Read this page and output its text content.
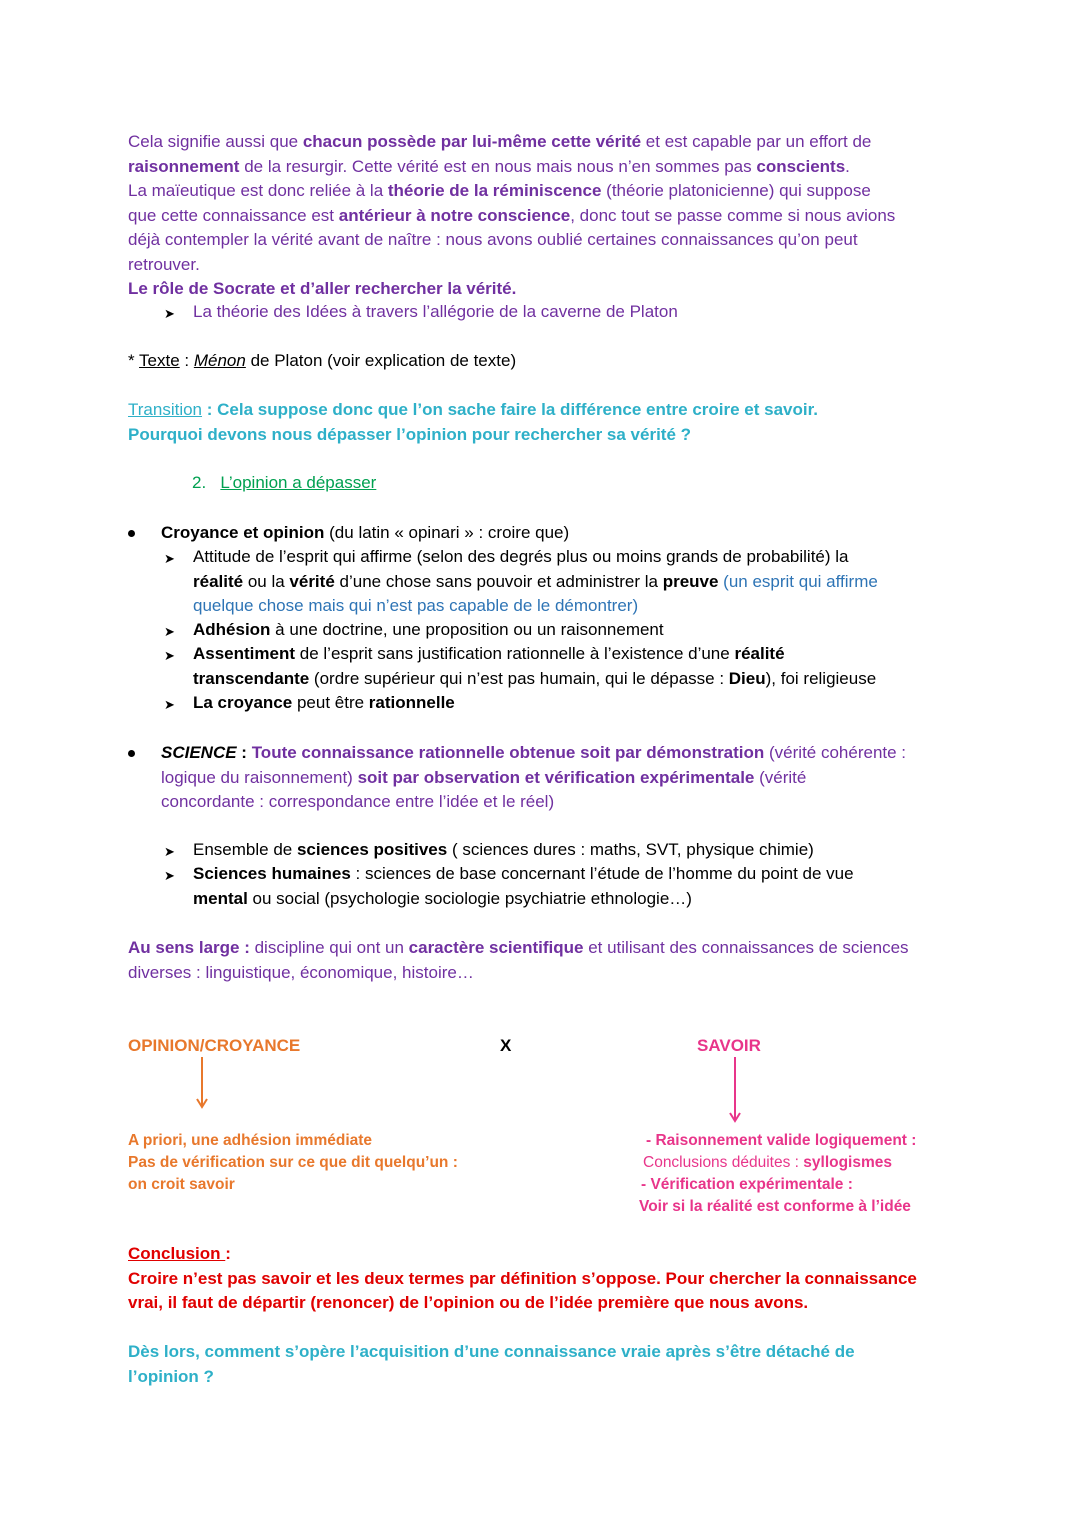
Cela signifie aussi que chacun possède par lui-même cette vérité et est capable par un effort de
raisonnement de la resurgir. Cette vérité est en nous mais nous n’en sommes pas conscients.
La maïeutique est donc reliée à la théorie de la réminiscence (théorie platonicienne) qui suppose
que cette connaissance est antérieur à notre conscience, donc tout se passe comme si nous avions
déjà contempler la vérité avant de naître : nous avons oublié certaines connaissances qu’on peut
retrouver.
Le rôle de Socrate et d’aller rechercher la vérité.

➤ La théorie des Idées à travers l’allégorie de la caverne de Platon

* Texte : Ménon de Platon (voir explication de texte)

Transition : Cela suppose donc que l’on sache faire la différence entre croire et savoir.
Pourquoi devons nous dépasser l’opinion pour rechercher sa vérité ?

2. L’opinion a dépasser

Croyance et opinion (du latin « opinari » : croire que)

➤ Attitude de l’esprit qui affirme (selon des degrés plus ou moins grands de probabilité) la
réalité ou la vérité d’une chose sans pouvoir et administrer la preuve (un esprit qui affirme
quelque chose mais qui n’est pas capable de le démontrer)

➤ Adhésion à une doctrine, une proposition ou un raisonnement

➤ Assentiment de l’esprit sans justification rationnelle à l’existence d’une réalité
transcendante (ordre supérieur qui n’est pas humain, qui le dépasse : Dieu), foi religieuse

➤ La croyance peut être rationnelle

SCIENCE : Toute connaissance rationnelle obtenue soit par démonstration (vérité cohérente :
logique du raisonnement) soit par observation et vérification expérimentale (vérité
concordante : correspondance entre l’idée et le réel)

➤ Ensemble de sciences positives ( sciences dures : maths, SVT, physique chimie)

➤ Sciences humaines : sciences de base concernant l’étude de l’homme du point de vue
mental ou social (psychologie sociologie psychiatrie ethnologie…)

Au sens large : discipline qui ont un caractère scientifique et utilisant des connaissances de sciences
diverses : linguistique, économique, histoire…

OPINION/CROYANCE	X	SAVOIR

A priori, une adhésion immédiate
Pas de vérification sur ce que dit quelqu’un :
on croit savoir

- Raisonnement valide logiquement :
Conclusions déduites : syllogismes
- Vérification expérimentale :
Voir si la réalité est conforme à l’idée

Conclusion :
Croire n’est pas savoir et les deux termes par définition s’oppose. Pour chercher la connaissance
vrai, il faut de départir (renoncer) de l’opinion ou de l’idée première que nous avons.

Dès lors, comment s’opère l’acquisition d’une connaissance vraie après s’être détaché de
l’opinion ?
